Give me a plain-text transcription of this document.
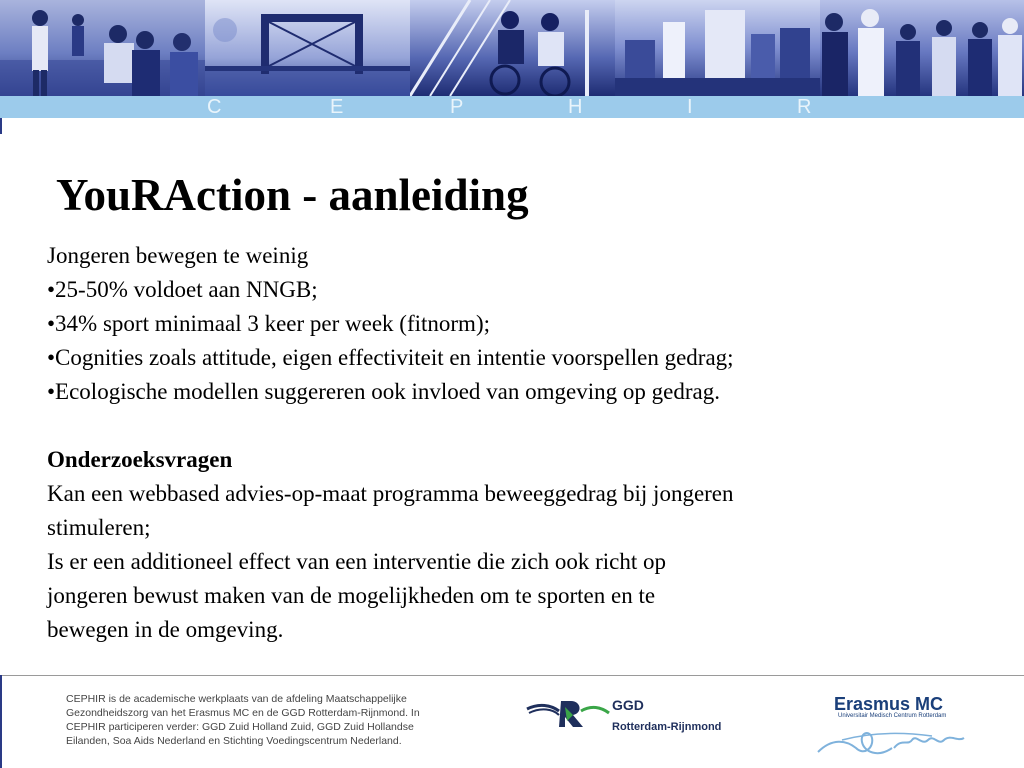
C	E	P	H	I	R
YouRAction - aanleiding
Jongeren bewegen te weinig
•25-50% voldoet aan NNGB;
•34% sport minimaal 3 keer per week (fitnorm);
•Cognities zoals attitude, eigen effectiviteit en intentie voorspellen gedrag;
•Ecologische modellen suggereren ook invloed van omgeving op gedrag.
Onderzoeksvragen
Kan een webbased advies-op-maat programma beweeggedrag bij jongeren
stimuleren;
Is er een additioneel effect van een interventie die zich ook richt op
jongeren bewust maken van de mogelijkheden om te sporten en te
bewegen in de omgeving.
CEPHIR is de academische werkplaats van de afdeling Maatschappelijke
Gezondheidszorg van het Erasmus MC en de GGD Rotterdam-Rijnmond. In
CEPHIR participeren verder: GGD Zuid Holland Zuid, GGD Zuid Hollandse
Eilanden, Soa Aids Nederland en Stichting Voedingscentrum Nederland.
GGD
Rotterdam-Rijnmond
Erasmus MC
Universitair Medisch Centrum Rotterdam
